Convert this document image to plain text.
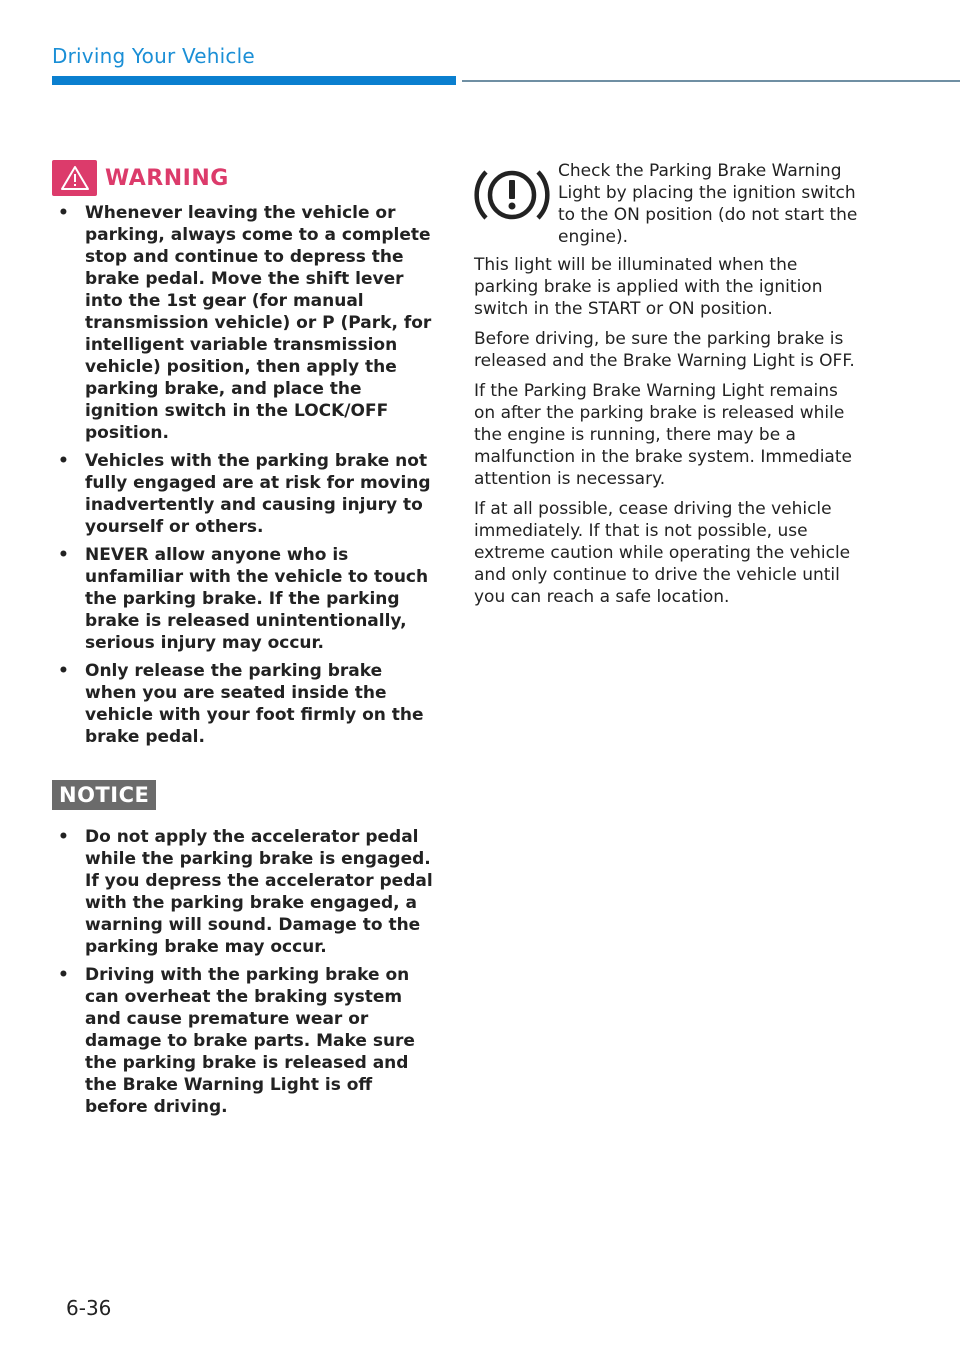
Driving Your Vehicle
WARNING
• Whenever leaving the vehicle or parking, always come to a complete stop and continue to depress the brake pedal. Move the shift lever into the 1st gear (for manual transmission vehicle) or P (Park, for intelligent variable transmission vehicle) position, then apply the parking brake, and place the ignition switch in the LOCK/OFF position.
• Vehicles with the parking brake not fully engaged are at risk for moving inadvertently and causing injury to yourself or others.
• NEVER allow anyone who is unfamiliar with the vehicle to touch the parking brake. If the parking brake is released unintentionally, serious injury may occur.
• Only release the parking brake when you are seated inside the vehicle with your foot firmly on the brake pedal.
NOTICE
• Do not apply the accelerator pedal while the parking brake is engaged. If you depress the accelerator pedal with the parking brake engaged, a warning will sound. Damage to the parking brake may occur.
• Driving with the parking brake on can overheat the braking system and cause premature wear or damage to brake parts. Make sure the parking brake is released and the Brake Warning Light is off before driving.
Check the Parking Brake Warning Light by placing the ignition switch to the ON position (do not start the engine).

This light will be illuminated when the parking brake is applied with the ignition switch in the START or ON position.

Before driving, be sure the parking brake is released and the Brake Warning Light is OFF.

If the Parking Brake Warning Light remains on after the parking brake is released while the engine is running, there may be a malfunction in the brake system. Immediate attention is necessary.

If at all possible, cease driving the vehicle immediately. If that is not possible, use extreme caution while operating the vehicle and only continue to drive the vehicle until you can reach a safe location.

6-36
